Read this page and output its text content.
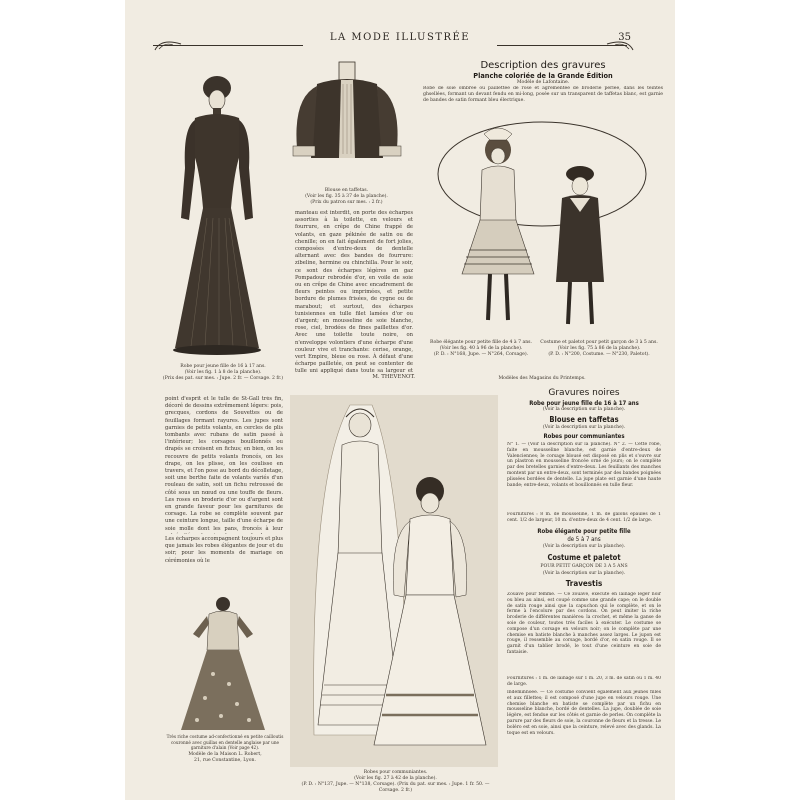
LA MODE ILLUSTRÉE	35
Robe pour jeune fille de 16 à 17 ans.
(Voir les fig. 1 à 8 de la planche).
(Prix des pat. sur mes. : Jupe. 2 fr. — Corsage. 2 fr.)
Blouse en taffetas.
(Voir les fig. 35 à 37 de la planche).
(Prix du patron sur mes. : 2 fr.)
manteau est interdit, on porte des écharpes assorties à la toilette, en velours et fourrure, en crêpe de Chine frappé de volants, en gaze pékinée de satin ou de chenille; on en fait également de fort jolies, composées d'entre-deux de dentelle alternant avec des bandes de fourrure: zibeline, hermine ou chinchilla. Pour le soir, ce sont des écharpes légères en gaz Pompadour rebrodée d'or, en voile de soie ou en crêpe de Chine avec encadrement de fleurs peintes ou imprimées, et petite bordure de plumes frisées, de cygne ou de marabout; et surtout, des écharpes tunisiennes en tulle filet lamées d'or ou d'argent; en mousseline de soie blanche, rose, ciel, brodées de fines paillettes d'or. Avec une toilette toute noire, on n'enveloppe volontiers d'une écharpe d'une couleur vive et tranchante: cerise, orange, vert Empire, bleue ou rose. À défaut d'une écharpe pailletée, on peut se contenter de tulle uni appliqué dans toute sa largeur et
M. THEVENOT.
Description des gravures
Planche coloriée de la Grande Édition
Modèle de Lafontaine.
Robe de soie ombrée ou paillettée de rose et agrémentée de broderie perlée, dans les teintes ghsellées, formant un devant fendu en mi-long, posée sur un transparent de taffetas blanc, est garnie de bandes de satin formant bleu électrique.
Robe élégante pour petite fille de 4 à 7 ans.
(Voir les fig. 40 à 96 de la planche).
(P. D. : N°168, Jupe. — N°264, Corsage).
Costume et paletot pour petit garçon de 3 à 5 ans.
(Voir les fig. 75 à 86 de la planche).
(P. D. : N°200, Costume. — N°230, Paletot).
Modèles des Magasins du Printemps.
point d'esprit et le tulle de St-Gall très fin, décoré de dessins extrêmement légers: pois, grecques, cordons de Souvettes ou de feuillages formant rayures. Les jupes sont garnies de petits volants, en cercles de plis tombants avec rubans de satin passé à l'intérieur; les corsages bouillonnés ou drapés se croisent en fichus; en bien, on les recouvre de petits volants froncés, on les drape, on les plisse, on les coulisse en travers, et l'on pose au bord du décolletage, soit une berthe faite de volants variés d'un rouleau de satin, soit un fichu retroussé de côté sous un nœud ou une touffe de fleurs. Les roses en broderie d'or ou d'argent sont en grande faveur pour les garnitures de corsage. La robe se complète souvent par une ceinture longue, taille d'une écharpe de soie molle dont les pans, froncés à leur
Les écharpes accompagnent toujours et plus que jamais les robes élégantes de jour et du soir; pour les moments de mariage on cérémonies où le
Très riche costume ad-confectionné en petite cailloutis couronné avec guillas en dentelle anglaise par une garniture d'alain (Voir page 42).
Modèle de la Maison L. Robert,
21, rue Constantine, Lyon.
Robes pour communiantes.
(Voir les fig. 27 à 42 de la planche).
(P. D. : N°137, Jupe. — N°138, Corsage). (Prix du pat. sur mes. : Jupe. 1 fr. 50. — Corsage. 2 fr.)
Gravures noires
Robe pour jeune fille de 16 à 17 ans
(Voir la description sur la planche).
Blouse en taffetas
(Voir la description sur la planche).
Robes pour communiantes
N° 1. — (Voir la description sur la planche). N° 2. — Cette robe, faite en mousseline blanche, est garnie d'entre-deux de Valenciennes; le corsage blousé est disposé en plis et s'ouvre sur un plastron en mousseline froncée orné de jours; on le complète par des bretelles garnies d'entre-deux. Les feuillants des manches montent par un entre-deux, sont terminés par des bandes poignées plissées bordées de dentelle. La jupe plate est garnie d'une haute bande; entre-deux, volants et bouillonnés en tulle fleur.
Fournitures : 8 m. de mousseline, 1 m. de galons épaules de 1 cent. 1/2 de largeur, 10 m. d'entre-deux de 4 cent. 1/2 de large.
Robe élégante pour petite fille
de 5 à 7 ans
(Voir la description sur la planche).
Costume et paletot
POUR PETIT GARÇON DE 3 A 5 ANS
(Voir la description sur la planche).
Travestis
Zouave pour femme. — Ce zouave, exécuté en lainage léger noir ou bleu au ainsi, est coupé comme une grande cape; on le double de satin rouge ainsi que la capuchon qui le complète, et on le ferme à l'encolure par des cordons. On peut imiter la riche broderie de différentes manières: la crochet, et même la ganse de soie de couleur, toutes très faciles à exécuter. Le costume se compose d'un corsage en velours noir; on le complète par une chemise en batiste blanche à manches assez larges. Le jupon est rouge, il ressemble au corsage, bordé d'or, en satin rouge. Il se garnit d'un tablier brodé, le tout d'une ceinture en soie de fantaisie.
Fournitures : 1 m. de lainage sur 1 m. 20, 3 m. de satin ou 1 m. 40 de large.
Indeminnoéé. — Ce costume convient également aux jeunes filles et aux fillettes; il est composé d'une jupe en velours rouge. Une chemise blanche en batiste se complète par un fichu en mousseline blanche, bordé de dentelles. La jupe, doublée de soie légère, est fendue sur les côtés et garnie de perles. On complète la parure par des fleurs de soie, la couronne de fleurs et la tresse. Le boléro est en soie, ainsi que la ceinture, relevé avec des glands. La toque est en velours.
